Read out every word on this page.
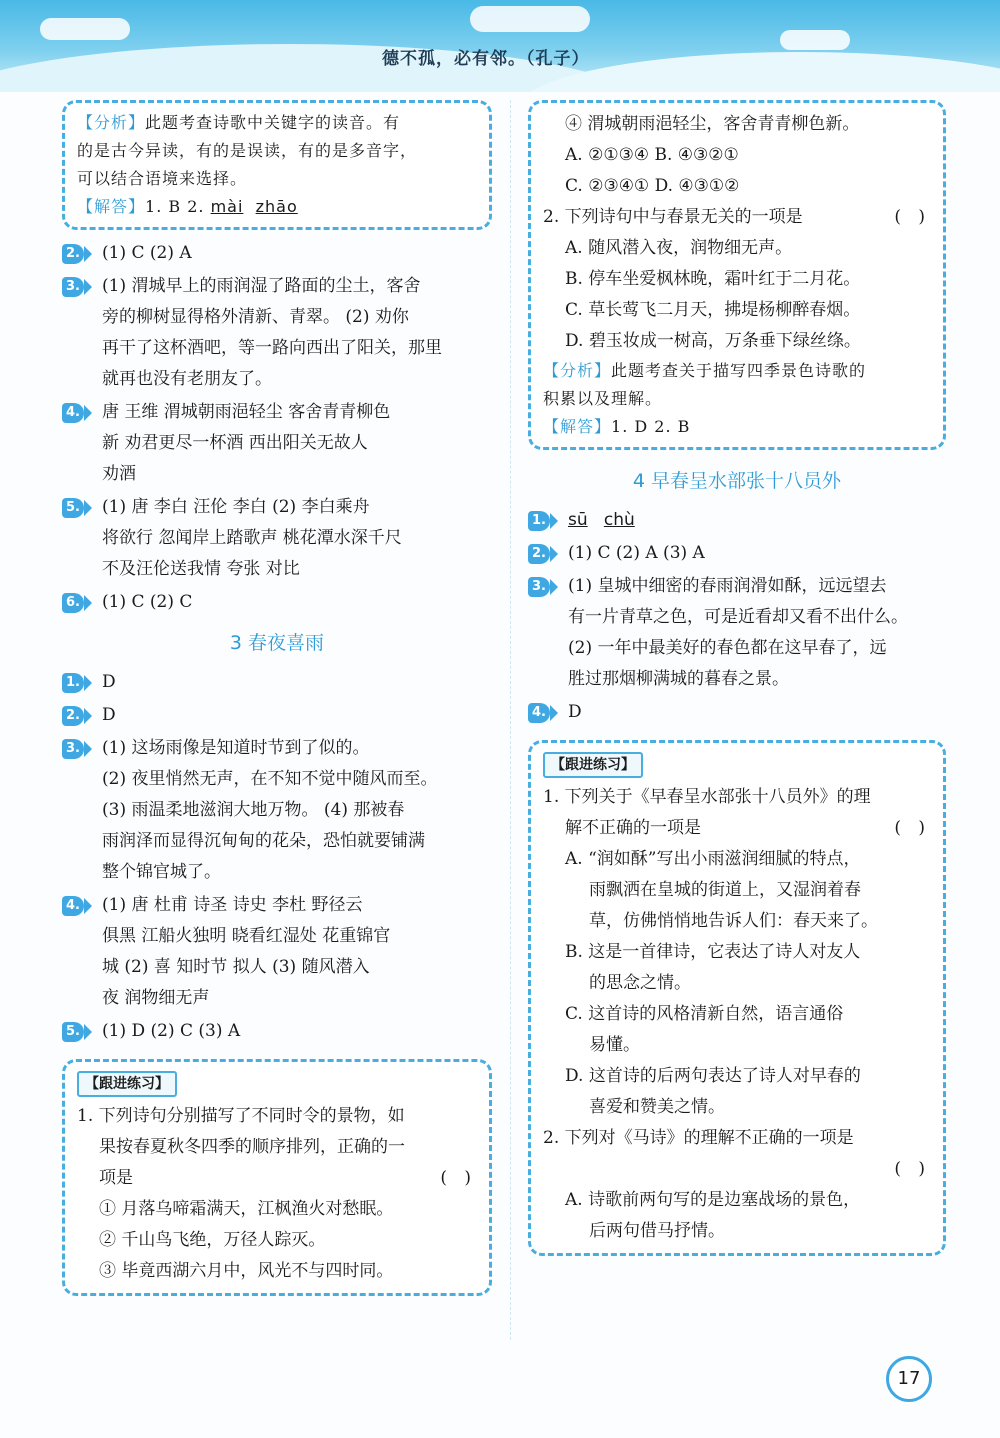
德不孤，必有邻。（孔子）
【分析】此题考查诗歌中关键字的读音。有
的是古今异读，有的是误读，有的是多音字，
可以结合语境来选择。
【解答】1. B 2. mài zhāo
2. (1) C (2) A
3. (1) 渭城早上的雨润湿了路面的尘土，客舍
旁的柳树显得格外清新、青翠。 (2) 劝你
再干了这杯酒吧，等一路向西出了阳关，那里
就再也没有老朋友了。
4. 唐 王维 渭城朝雨浥轻尘 客舍青青柳色
新 劝君更尽一杯酒 西出阳关无故人
劝酒
5. (1) 唐 李白 汪伦 李白 (2) 李白乘舟
将欲行 忽闻岸上踏歌声 桃花潭水深千尺
不及汪伦送我情 夸张 对比
6. (1) C (2) C
3 春夜喜雨
1. D
2. D
3. (1) 这场雨像是知道时节到了似的。
(2) 夜里悄然无声，在不知不觉中随风而至。
(3) 雨温柔地滋润大地万物。 (4) 那被春
雨润泽而显得沉甸甸的花朵，恐怕就要铺满
整个锦官城了。
4. (1) 唐 杜甫 诗圣 诗史 李杜 野径云
俱黑 江船火独明 晓看红湿处 花重锦官
城 (2) 喜 知时节 拟人 (3) 随风潜入
夜 润物细无声
5. (1) D (2) C (3) A
【跟进练习】
1. 下列诗句分别描写了不同时令的景物，如
果按春夏秋冬四季的顺序排列，正确的一
项是	( )
① 月落乌啼霜满天，江枫渔火对愁眠。
② 千山鸟飞绝，万径人踪灭。
③ 毕竟西湖六月中，风光不与四时同。
④ 渭城朝雨浥轻尘，客舍青青柳色新。
A. ②①③④ B. ④③②①
C. ②③④① D. ④③①②
2. 下列诗句中与春景无关的一项是	( )
A. 随风潜入夜，润物细无声。
B. 停车坐爱枫林晚，霜叶红于二月花。
C. 草长莺飞二月天，拂堤杨柳醉春烟。
D. 碧玉妆成一树高，万条垂下绿丝绦。
【分析】此题考查关于描写四季景色诗歌的
积累以及理解。
【解答】1. D 2. B
4 早春呈水部张十八员外
1. sū chù
2. (1) C (2) A (3) A
3. (1) 皇城中细密的春雨润滑如酥，远远望去
有一片青草之色，可是近看却又看不出什么。
(2) 一年中最美好的春色都在这早春了，远
胜过那烟柳满城的暮春之景。
4. D
【跟进练习】
1. 下列关于《早春呈水部张十八员外》的理
解不正确的一项是	( )
A. “润如酥”写出小雨滋润细腻的特点，
雨飘洒在皇城的街道上，又湿润着春
草，仿佛悄悄地告诉人们：春天来了。
B. 这是一首律诗，它表达了诗人对友人
的思念之情。
C. 这首诗的风格清新自然，语言通俗
易懂。
D. 这首诗的后两句表达了诗人对早春的
喜爱和赞美之情。
2. 下列对《马诗》的理解不正确的一项是
( )
A. 诗歌前两句写的是边塞战场的景色，
后两句借马抒情。
17
